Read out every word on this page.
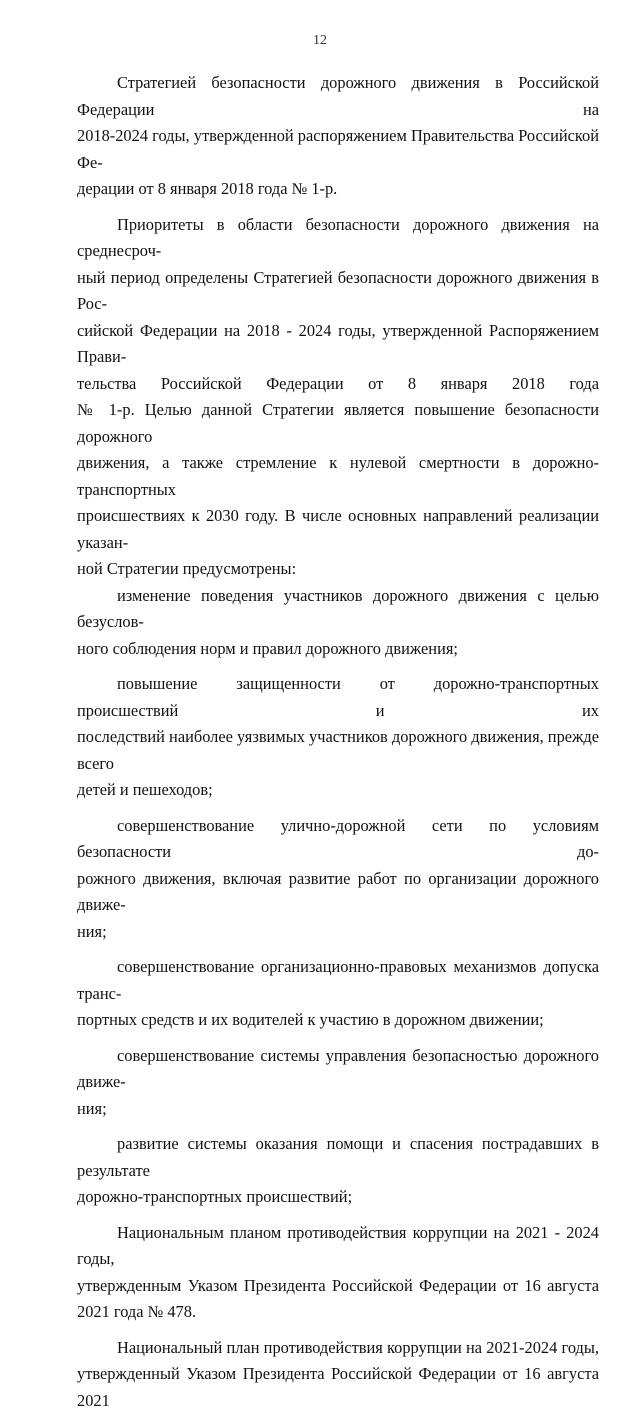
12

Стратегией безопасности дорожного движения в Российской Федерации на
2018-2024 годы, утвержденной распоряжением Правительства Российской Фе-
дерации от 8 января 2018 года № 1-р.

Приоритеты в области безопасности дорожного движения на среднесроч-
ный период определены Стратегией безопасности дорожного движения в Рос-
сийской Федерации на 2018 - 2024 годы, утвержденной Распоряжением Прави-
тельства Российской Федерации от 8 января 2018 года
№ 1-р. Целью данной Стратегии является повышение безопасности дорожного
движения, а также стремление к нулевой смертности в дорожно-транспортных
происшествиях к 2030 году. В числе основных направлений реализации указан-
ной Стратегии предусмотрены:

изменение поведения участников дорожного движения с целью безуслов-
ного соблюдения норм и правил дорожного движения;

повышение защищенности от дорожно-транспортных происшествий и их
последствий наиболее уязвимых участников дорожного движения, прежде всего
детей и пешеходов;

совершенствование улично-дорожной сети по условиям безопасности до-
рожного движения, включая развитие работ по организации дорожного движе-
ния;

совершенствование организационно-правовых механизмов допуска транс-
портных средств и их водителей к участию в дорожном движении;

совершенствование системы управления безопасностью дорожного движе-
ния;

развитие системы оказания помощи и спасения пострадавших в результате
дорожно-транспортных происшествий;

Национальным планом противодействия коррупции на 2021 - 2024 годы,
утвержденным Указом Президента Российской Федерации от 16 августа
2021 года № 478.

Национальный план противодействия коррупции на 2021-2024 годы,
утвержденный Указом Президента Российской Федерации от 16 августа 2021
